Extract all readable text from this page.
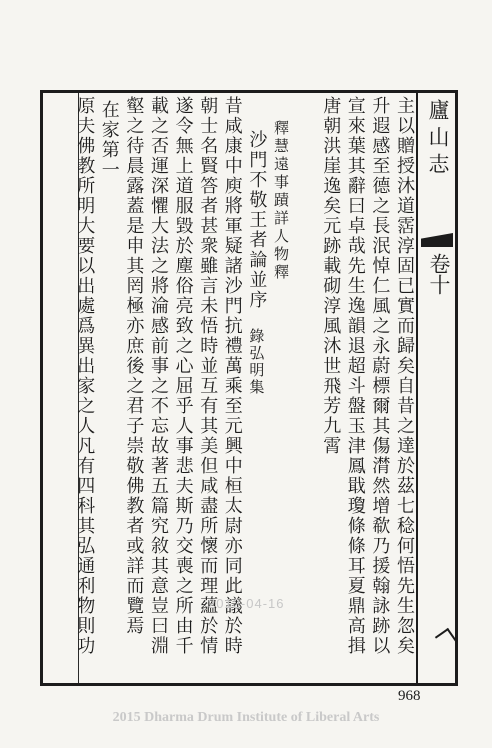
廬山志
卷十
主以贈授沐道霑淳固已實而歸矣自昔之達於茲七稔何悟先生忽矣
升遐感至德之長泯悼仁風之永蔚標爾其傷潸然增欷乃援翰詠跡以
宣來葉其辭曰卓哉先生逸韻退超斗盤玉津鳳戢瓊條條耳夏鼎高揖
唐朝洪崖逸矣元跡載砌淳風沐世飛芳九霄
釋慧遠事蹟詳人物釋
沙門不敬王者論並序錄弘明集
昔咸康中庾將軍疑諸沙門抗禮萬乘至元興中桓太尉亦同此議於時
朝士名賢答者甚衆雖言未悟時並互有其美但咸盡所懷而理蘊於情
遂令無上道服毀於塵俗亮致之心屈乎人事悲夫斯乃交喪之所由千
載之否運深懼大法之將淪感前事之不忘故著五篇究敘其意豈曰淵
壑之待晨露蓋是申其罔極亦庶後之君子崇敬佛教者或詳而覽焉
在家第一
原夫佛教所明大要以出處爲異出家之人凡有四科其弘通利物則功	2012-04-16
968
2015 Dharma Drum Institute of Liberal Arts
